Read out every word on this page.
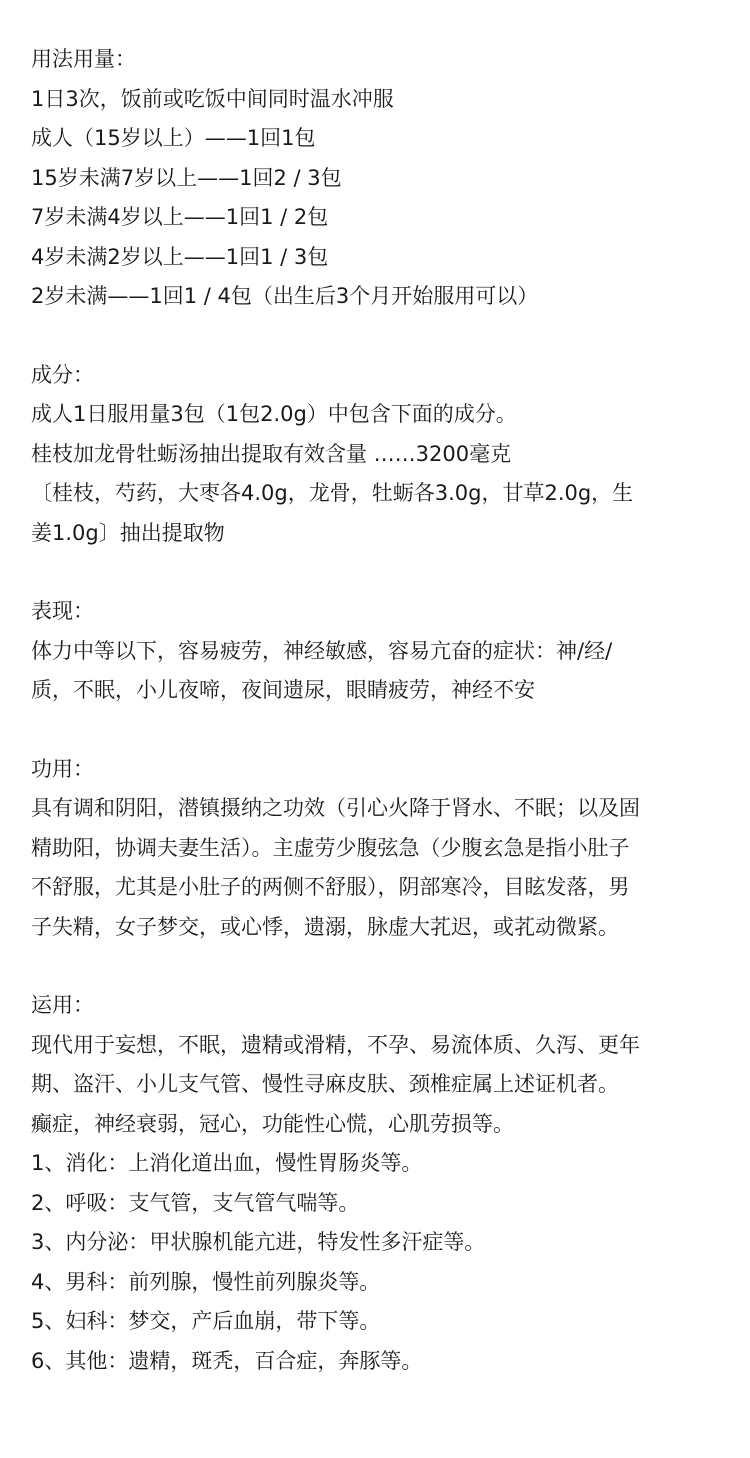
用法用量：
1日3次，饭前或吃饭中间同时温水冲服
成人（15岁以上）——1回1包
15岁未满7岁以上——1回2 / 3包
7岁未满4岁以上——1回1 / 2包
4岁未满2岁以上——1回1 / 3包
2岁未满——1回1 / 4包（出生后3个月开始服用可以）
成分：
成人1日服用量3包（1包2.0g）中包含下面的成分。
桂枝加龙骨牡蛎汤抽出提取有效含量 ……3200毫克
〔桂枝，芍药，大枣各4.0g，龙骨，牡蛎各3.0g，甘草2.0g，生
姜1.0g〕抽出提取物
表现：
体力中等以下，容易疲劳，神经敏感，容易亢奋的症状：神/经/
质，不眠，小儿夜啼，夜间遗尿，眼睛疲劳，神经不安
功用：
具有调和阴阳，潜镇摄纳之功效（引心火降于肾水、不眠；以及固
精助阳，协调夫妻生活）。主虚劳少腹弦急（少腹玄急是指小肚子
不舒服，尤其是小肚子的两侧不舒服），阴部寒冷，目眩发落，男
子失精，女子梦交，或心悸，遗溺，脉虚大芤迟，或芤动微紧。
运用：
现代用于妄想，不眠，遗精或滑精，不孕、易流体质、久泻、更年
期、盗汗、小儿支气管、慢性寻麻皮肤、颈椎症属上述证机者。
癫症，神经衰弱，冠心，功能性心慌，心肌劳损等。
1、消化：上消化道出血，慢性胃肠炎等。
2、呼吸：支气管，支气管气喘等。
3、内分泌：甲状腺机能亢进，特发性多汗症等。
4、男科：前列腺，慢性前列腺炎等。
5、妇科：梦交，产后血崩，带下等。
6、其他：遗精，斑秃，百合症，奔豚等。
